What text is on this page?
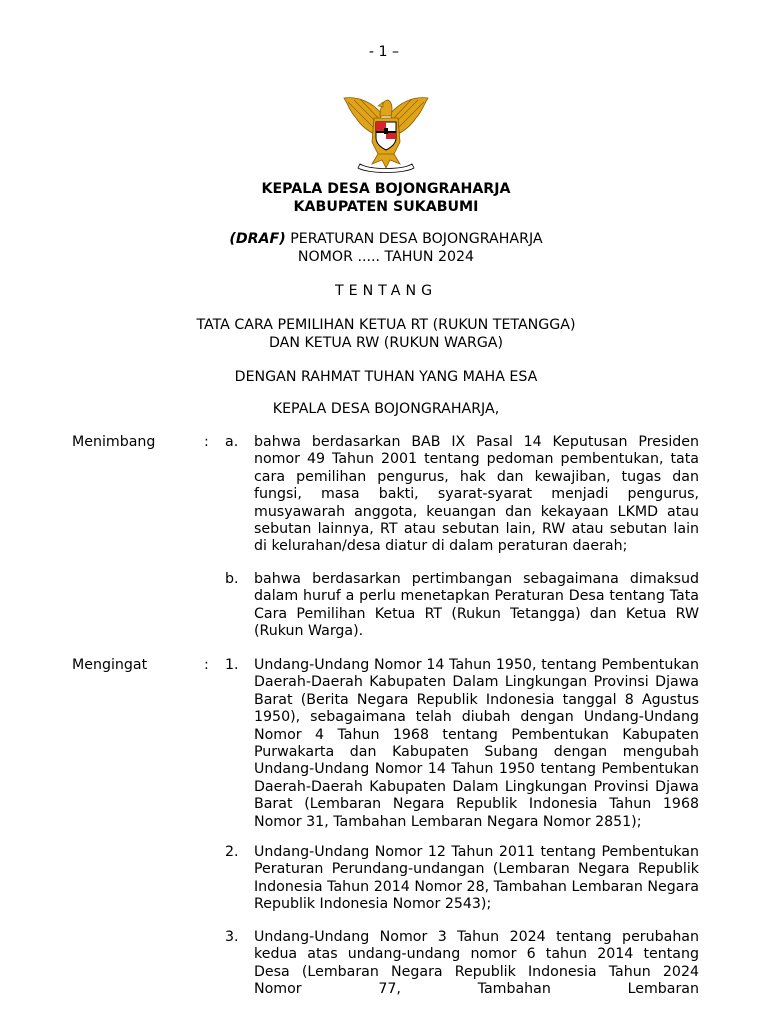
- 1 –
KEPALA DESA BOJONGRAHARJA
KABUPATEN SUKABUMI
(DRAF) PERATURAN DESA BOJONGRAHARJA
NOMOR ..... TAHUN 2024
TENTANG
TATA CARA PEMILIHAN KETUA RT (RUKUN TETANGGA)
DAN KETUA RW (RUKUN WARGA)
DENGAN RAHMAT TUHAN YANG MAHA ESA
KEPALA DESA BOJONGRAHARJA,
Menimbang	: a. bahwa berdasarkan BAB IX Pasal 14 Keputusan Presiden nomor 49 Tahun 2001 tentang pedoman pembentukan, tata cara pemilihan pengurus, hak dan kewajiban, tugas dan fungsi, masa bakti, syarat-syarat menjadi pengurus, musyawarah anggota, keuangan dan kekayaan LKMD atau sebutan lainnya, RT atau sebutan lain, RW atau sebutan lain di kelurahan/desa diatur di dalam peraturan daerah;
b. bahwa berdasarkan pertimbangan sebagaimana dimaksud dalam huruf a perlu menetapkan Peraturan Desa tentang Tata Cara Pemilihan Ketua RT (Rukun Tetangga) dan Ketua RW (Rukun Warga).
Mengingat	: 1. Undang-Undang Nomor 14 Tahun 1950, tentang Pembentukan Daerah-Daerah Kabupaten Dalam Lingkungan Provinsi Djawa Barat (Berita Negara Republik Indonesia tanggal 8 Agustus 1950), sebagaimana telah diubah dengan Undang-Undang Nomor 4 Tahun 1968 tentang Pembentukan Kabupaten Purwakarta dan Kabupaten Subang dengan mengubah Undang-Undang Nomor 14 Tahun 1950 tentang Pembentukan Daerah-Daerah Kabupaten Dalam Lingkungan Provinsi Djawa Barat (Lembaran Negara Republik Indonesia Tahun 1968 Nomor 31, Tambahan Lembaran Negara Nomor 2851);
2. Undang-Undang Nomor 12 Tahun 2011 tentang Pembentukan Peraturan Perundang-undangan (Lembaran Negara Republik Indonesia Tahun 2014 Nomor 28, Tambahan Lembaran Negara Republik Indonesia Nomor 2543);
3. Undang-Undang Nomor 3 Tahun 2024 tentang perubahan kedua atas undang-undang nomor 6 tahun 2014 tentang Desa (Lembaran Negara Republik Indonesia Tahun 2024 Nomor 77, Tambahan Lembaran
